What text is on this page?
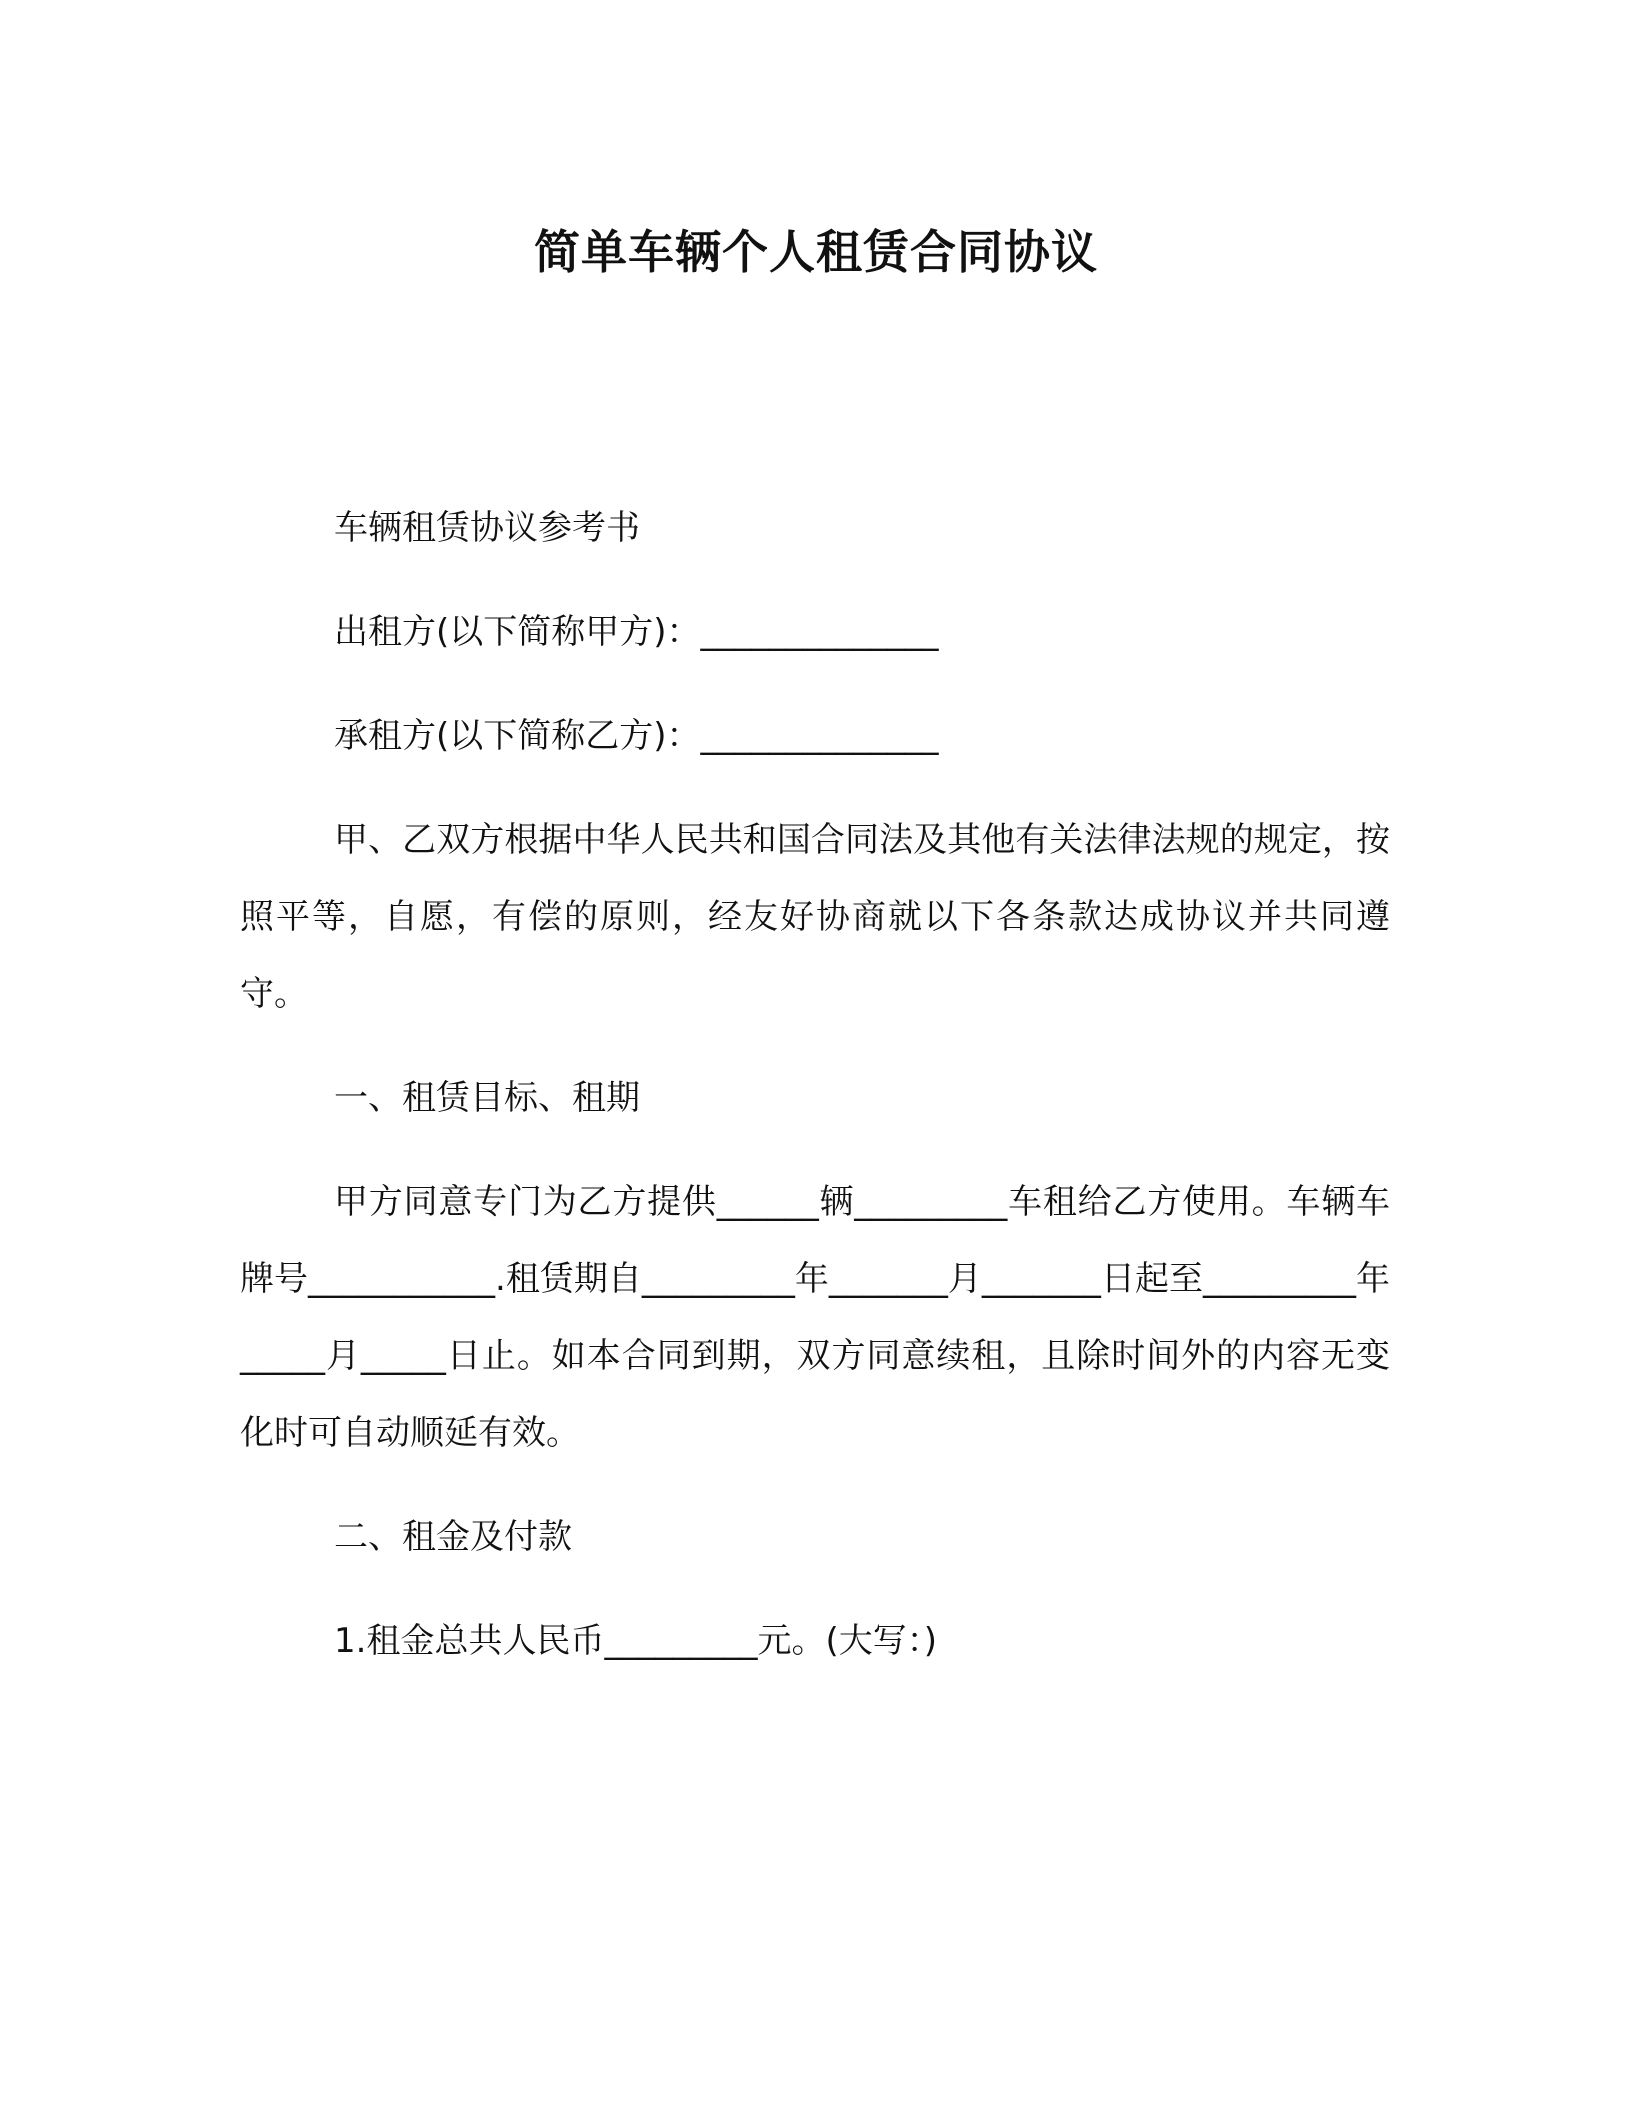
简单车辆个人租赁合同协议

车辆租赁协议参考书

出租方(以下简称甲方)：______________

承租方(以下简称乙方)：______________

甲、乙双方根据中华人民共和国合同法及其他有关法律法规的规定，按照平等，自愿，有偿的原则，经友好协商就以下各条款达成协议并共同遵守。

一、租赁目标、租期

甲方同意专门为乙方提供______辆_________车租给乙方使用。车辆车牌号___________.租赁期自_________年_______月_______日起至_________年_____月_____日止。如本合同到期，双方同意续租，且除时间外的内容无变化时可自动顺延有效。

二、租金及付款

1.租金总共人民币_________元。(大写：)
